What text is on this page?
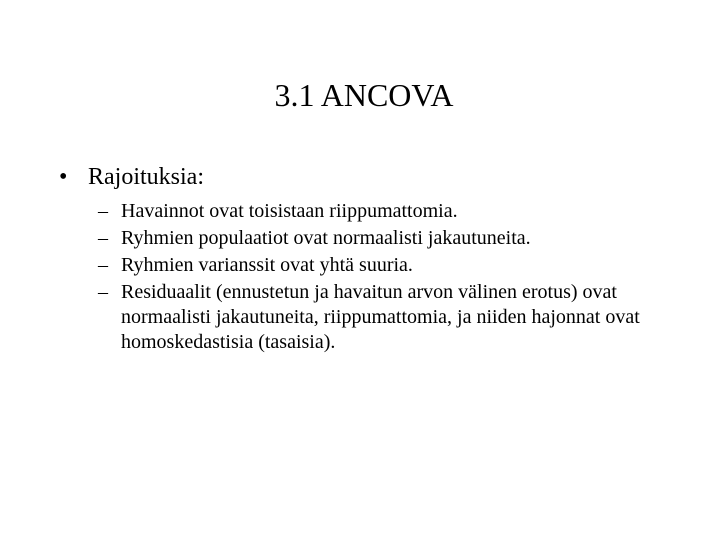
3.1 ANCOVA
• Rajoituksia:
– Havainnot ovat toisistaan riippumattomia.
– Ryhmien populaatiot ovat normaalisti jakautuneita.
– Ryhmien varianssit ovat yhtä suuria.
– Residuaalit (ennustetun ja havaitun arvon välinen erotus) ovat normaalisti jakautuneita, riippumattomia, ja niiden hajonnat ovat homoskedastisia (tasaisia).
